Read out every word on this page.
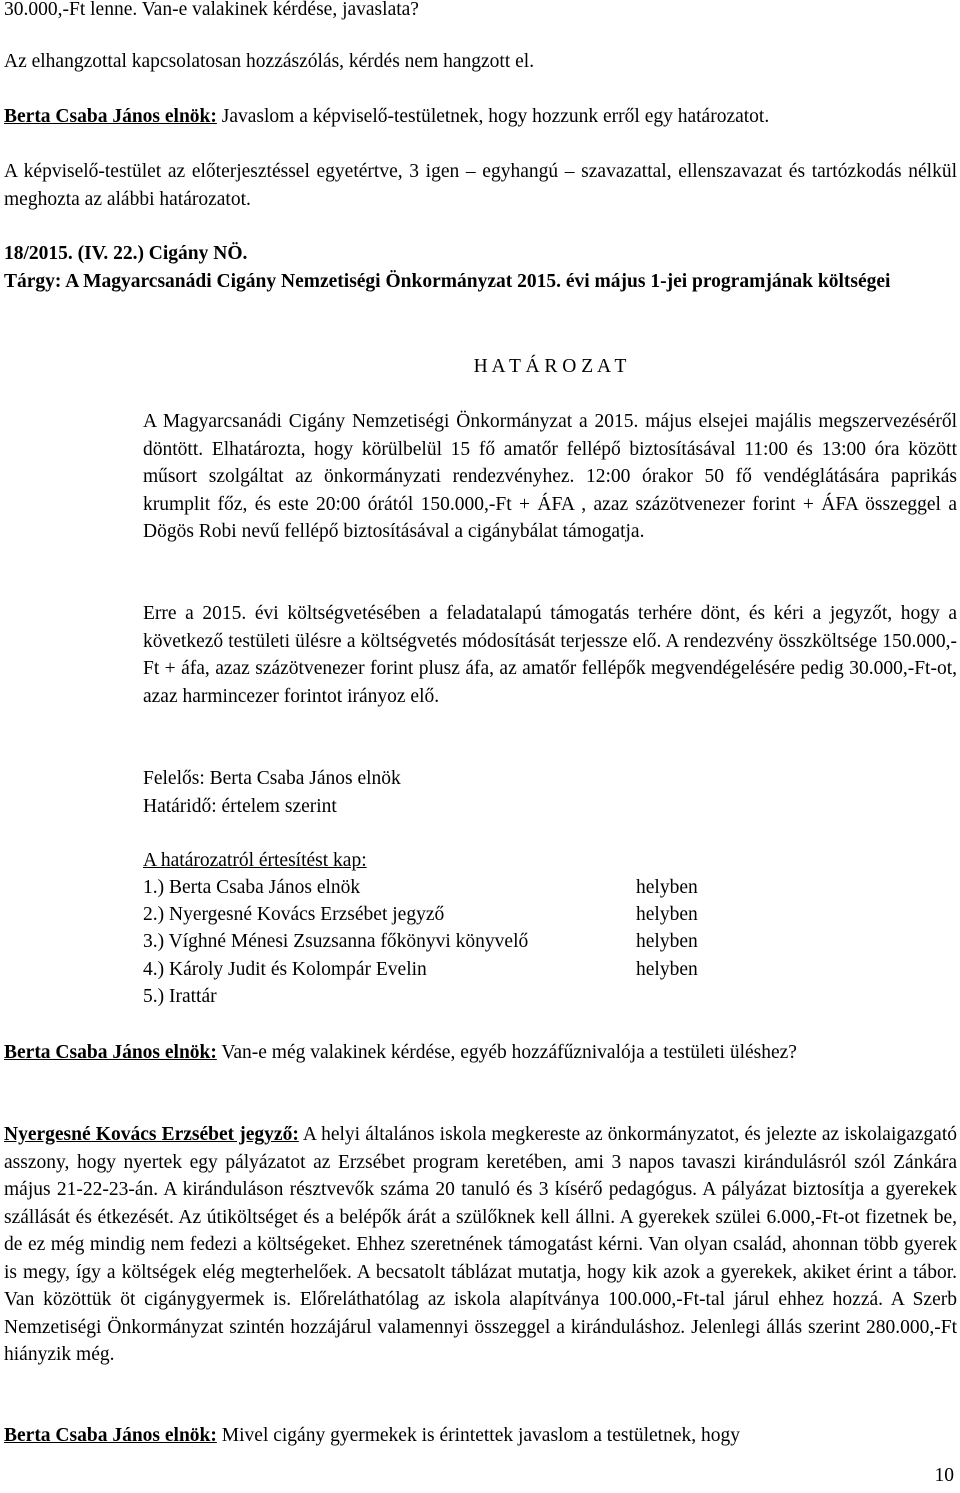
30.000,-Ft lenne. Van-e valakinek kérdése, javaslata?

Az elhangzottal kapcsolatosan hozzászólás, kérdés nem hangzott el.

Berta Csaba János elnök: Javaslom a képviselő-testületnek, hogy hozzunk erről egy határozatot.

A képviselő-testület az előterjesztéssel egyetértve, 3 igen – egyhangú – szavazattal, ellenszavazat és tartózkodás nélkül meghozta az alábbi határozatot.

18/2015. (IV. 22.) Cigány NÖ.

Tárgy: A Magyarcsanádi Cigány Nemzetiségi Önkormányzat 2015. évi május 1-jei programjának költségei

H A T Á R O Z A T

A Magyarcsanádi Cigány Nemzetiségi Önkormányzat a 2015. május elsejei majális megszervezéséről döntött. Elhatározta, hogy körülbelül 15 fő amatőr fellépő biztosításával 11:00 és 13:00 óra között műsort szolgáltat az önkormányzati rendezvényhez. 12:00 órakor 50 fő vendéglátására paprikás krumplit főz, és este 20:00 órától 150.000,-Ft + ÁFA , azaz százötvenezer forint + ÁFA összeggel a Dögös Robi nevű fellépő biztosításával a cigánybálat támogatja.

Erre a 2015. évi költségvetésében a feladatalapú támogatás terhére dönt, és kéri a jegyzőt, hogy a következő testületi ülésre a költségvetés módosítását terjessze elő. A rendezvény összköltsége 150.000,-Ft + áfa, azaz százötvenezer forint plusz áfa, az amatőr fellépők megvendégelésére pedig 30.000,-Ft-ot, azaz harmincezer forintot irányoz elő.

Felelős: Berta Csaba János elnök

Határidő: értelem szerint

A határozatról értesítést kap:

1.) Berta Csaba János elnök	helyben
2.) Nyergesné Kovács Erzsébet jegyző	helyben
3.) Víghné Ménesi Zsuzsanna főkönyvi könyvelő	helyben
4.) Károly Judit és Kolompár Evelin	helyben
5.) Irattár

Berta Csaba János elnök: Van-e még valakinek kérdése, egyéb hozzáfűznivalója a testületi üléshez?

Nyergesné Kovács Erzsébet jegyző: A helyi általános iskola megkereste az önkormányzatot, és jelezte az iskolaigazgató asszony, hogy nyertek egy pályázatot az Erzsébet program keretében, ami 3 napos tavaszi kirándulásról szól Zánkára május 21-22-23-án. A kiránduláson résztvevők száma 20 tanuló és 3 kísérő pedagógus. A pályázat biztosítja a gyerekek szállását és étkezését. Az útiköltséget és a belépők árát a szülőknek kell állni. A gyerekek szülei 6.000,-Ft-ot fizetnek be, de ez még mindig nem fedezi a költségeket. Ehhez szeretnének támogatást kérni. Van olyan család, ahonnan több gyerek is megy, így a költségek elég megterhelőek. A becsatolt táblázat mutatja, hogy kik azok a gyerekek, akiket érint a tábor. Van közöttük öt cigánygyermek is. Előreláthatólag az iskola alapítványa 100.000,-Ft-tal járul ehhez hozzá. A Szerb Nemzetiségi Önkormányzat szintén hozzájárul valamennyi összeggel a kiránduláshoz. Jelenlegi állás szerint 280.000,-Ft hiányzik még.

Berta Csaba János elnök: Mivel cigány gyermekek is érintettek javaslom a testületnek, hogy

10
